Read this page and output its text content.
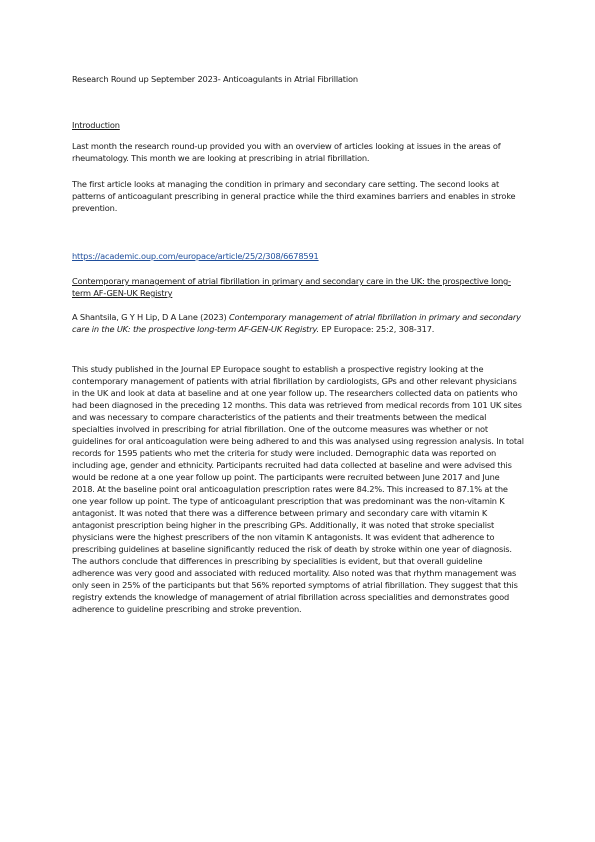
Research Round up September 2023- Anticoagulants in Atrial Fibrillation

Introduction

Last month the research round-up provided you with an overview of articles looking at issues in the areas of rheumatology. This month we are looking at prescribing in atrial fibrillation.

The first article looks at managing the condition in primary and secondary care setting. The second looks at patterns of anticoagulant prescribing in general practice while the third examines barriers and enables in stroke prevention.

https://academic.oup.com/europace/article/25/2/308/6678591

Contemporary management of atrial fibrillation in primary and secondary care in the UK: the prospective long-term AF-GEN-UK Registry

A Shantsila, G Y H Lip, D A Lane (2023) Contemporary management of atrial fibrillation in primary and secondary care in the UK: the prospective long-term AF-GEN-UK Registry. EP Europace: 25:2, 308-317.

This study published in the Journal EP Europace sought to establish a prospective registry looking at the contemporary management of patients with atrial fibrillation by cardiologists, GPs and other relevant physicians in the UK and look at data at baseline and at one year follow up. The researchers collected data on patients who had been diagnosed in the preceding 12 months. This data was retrieved from medical records from 101 UK sites and was necessary to compare characteristics of the patients and their treatments between the medical specialties involved in prescribing for atrial fibrillation. One of the outcome measures was whether or not guidelines for oral anticoagulation were being adhered to and this was analysed using regression analysis. In total records for 1595 patients who met the criteria for study were included. Demographic data was reported on including age, gender and ethnicity. Participants recruited had data collected at baseline and were advised this would be redone at a one year follow up point. The participants were recruited between June 2017 and June 2018. At the baseline point oral anticoagulation prescription rates were 84.2%. This increased to 87.1% at the one year follow up point. The type of anticoagulant prescription that was predominant was the non-vitamin K antagonist. It was noted that there was a difference between primary and secondary care with vitamin K antagonist prescription being higher in the prescribing GPs. Additionally, it was noted that stroke specialist physicians were the highest prescribers of the non vitamin K antagonists. It was evident that adherence to prescribing guidelines at baseline significantly reduced the risk of death by stroke within one year of diagnosis. The authors conclude that differences in prescribing by specialities is evident, but that overall guideline adherence was very good and associated with reduced mortality. Also noted was that rhythm management was only seen in 25% of the participants but that 56% reported symptoms of atrial fibrillation. They suggest that this registry extends the knowledge of management of atrial fibrillation across specialities and demonstrates good adherence to guideline prescribing and stroke prevention.
